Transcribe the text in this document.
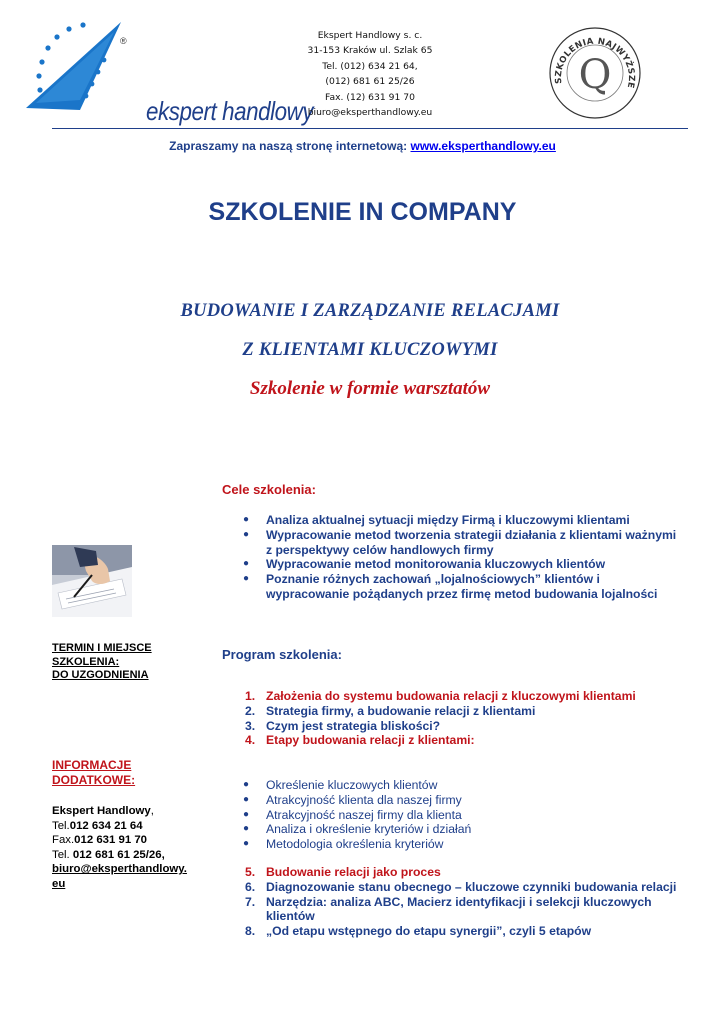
®
ekspert handlowy
Ekspert Handlowy s. c.
31-153 Kraków ul. Szlak 65
Tel. (012) 634 21 64,
(012) 681 61 25/26
Fax. (12) 631 91 70
biuro@eksperthandlowy.eu
SZKOLENIA NAJWYŻSZE
Q
Zapraszamy na naszą stronę internetową: www.eksperthandlowy.eu
SZKOLENIE IN COMPANY
BUDOWANIE I ZARZĄDZANIE RELACJAMI
Z KLIENTAMI KLUCZOWYMI
Szkolenie w formie warsztatów
TERMIN I MIEJSCE
SZKOLENIA:
DO UZGODNIENIA
INFORMACJE
DODATKOWE:
Ekspert Handlowy,
Tel.012 634 21 64
Fax.012 631 91 70
Tel. 012 681 61 25/26,
biuro@eksperthandlowy.
eu
Cele szkolenia:
● Analiza aktualnej sytuacji między Firmą i kluczowymi klientami
● Wypracowanie metod tworzenia strategii działania z klientami ważnymi z perspektywy celów handlowych firmy
● Wypracowanie metod monitorowania kluczowych klientów
● Poznanie różnych zachowań „lojalnościowych” klientów i wypracowanie pożądanych przez firmę metod budowania lojalności
Program szkolenia:
1. Założenia do systemu budowania relacji z kluczowymi klientami
2. Strategia firmy, a budowanie relacji z klientami
3. Czym jest strategia bliskości?
4. Etapy budowania relacji z klientami:
● Określenie kluczowych klientów
● Atrakcyjność klienta dla naszej firmy
● Atrakcyjność naszej firmy dla klienta
● Analiza i określenie kryteriów i działań
● Metodologia określenia kryteriów
5. Budowanie relacji jako proces
6. Diagnozowanie stanu obecnego – kluczowe czynniki budowania relacji
7. Narzędzia: analiza ABC, Macierz identyfikacji i selekcji kluczowych klientów
8. „Od etapu wstępnego do etapu synergii”, czyli 5 etapów
